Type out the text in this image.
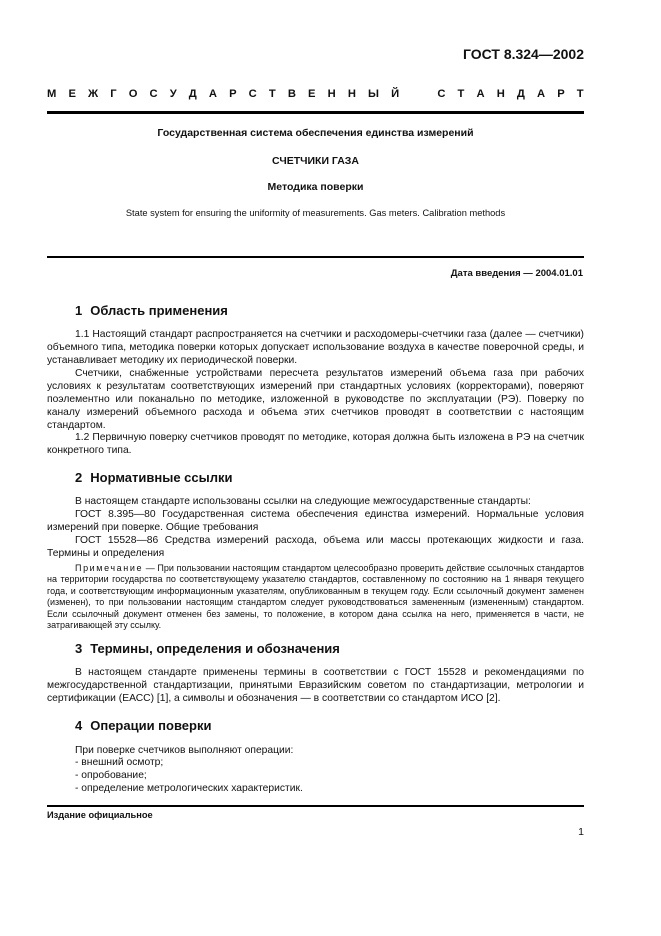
ГОСТ 8.324—2002
М Е Ж Г О С У Д А Р С Т В Е Н Н Ы Й	С Т А Н Д А Р Т
Государственная система обеспечения единства измерений
СЧЕТЧИКИ ГАЗА
Методика поверки
State system for ensuring the uniformity of measurements. Gas meters. Calibration methods
Дата введения — 2004.01.01
1 Область применения

1.1 Настоящий стандарт распространяется на счетчики и расходомеры-счетчики газа (далее — счетчики) объемного типа, методика поверки которых допускает использование воздуха в качестве поверочной среды, и устанавливает методику их периодической поверки.

Счетчики, снабженные устройствами пересчета результатов измерений объема газа при рабочих условиях к результатам соответствующих измерений при стандартных условиях (корректорами), поверяют поэлементно или поканально по методике, изложенной в руководстве по эксплуатации (РЭ). Поверку по каналу измерений объемного расхода и объема этих счетчиков проводят в соответствии с настоящим стандартом.

1.2 Первичную поверку счетчиков проводят по методике, которая должна быть изложена в РЭ на счетчик конкретного типа.

2 Нормативные ссылки

В настоящем стандарте использованы ссылки на следующие межгосударственные стандарты:

ГОСТ 8.395—80 Государственная система обеспечения единства измерений. Нормальные условия измерений при поверке. Общие требования

ГОСТ 15528—86 Средства измерений расхода, объема или массы протекающих жидкости и газа. Термины и определения

Примечание — При пользовании настоящим стандартом целесообразно проверить действие ссылочных стандартов на территории государства по соответствующему указателю стандартов, составленному по состоянию на 1 января текущего года, и соответствующим информационным указателям, опубликованным в текущем году. Если ссылочный документ заменен (изменен), то при пользовании настоящим стандартом следует руководствоваться замененным (измененным) стандартом. Если ссылочный документ отменен без замены, то положение, в котором дана ссылка на него, применяется в части, не затрагивающей эту ссылку.

3 Термины, определения и обозначения

В настоящем стандарте применены термины в соответствии с ГОСТ 15528 и рекомендациями по межгосударственной стандартизации, принятыми Евразийским советом по стандартизации, метрологии и сертификации (ЕАСС) [1], а символы и обозначения — в соответствии со стандартом ИСО [2].

4 Операции поверки
При поверке счетчиков выполняют операции:
- внешний осмотр;
- опробование;
- определение метрологических характеристик.
Издание официальное
1
